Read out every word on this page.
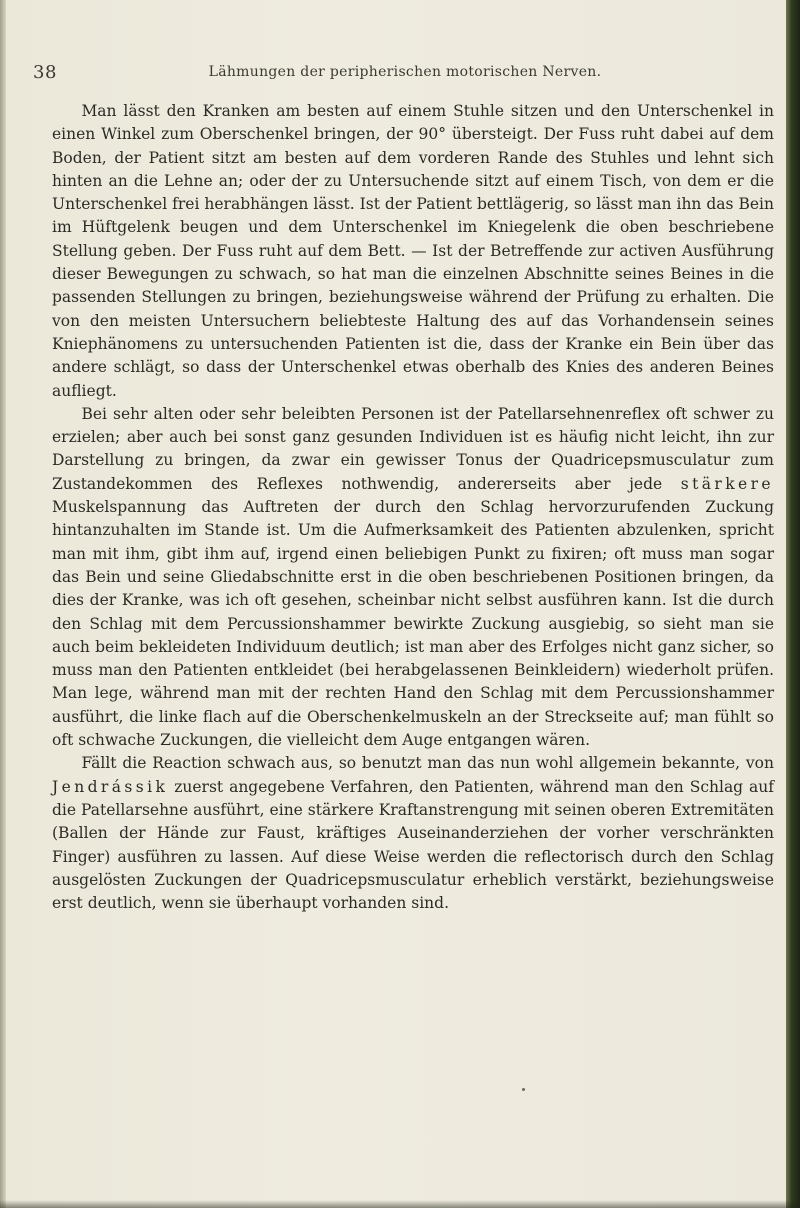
38	Lähmungen der peripherischen motorischen Nerven.

Man lässt den Kranken am besten auf einem Stuhle sitzen und den Unterschenkel in einen Winkel zum Oberschenkel bringen, der 90° übersteigt. Der Fuss ruht dabei auf dem Boden, der Patient sitzt am besten auf dem vorderen Rande des Stuhles und lehnt sich hinten an die Lehne an; oder der zu Untersuchende sitzt auf einem Tisch, von dem er die Unterschenkel frei herabhängen lässt. Ist der Patient bettlägerig, so lässt man ihn das Bein im Hüftgelenk beugen und dem Unterschenkel im Kniegelenk die oben beschriebene Stellung geben. Der Fuss ruht auf dem Bett. — Ist der Betreffende zur activen Ausführung dieser Bewegungen zu schwach, so hat man die einzelnen Abschnitte seines Beines in die passenden Stellungen zu bringen, beziehungsweise während der Prüfung zu erhalten. Die von den meisten Untersuchern beliebteste Haltung des auf das Vorhandensein seines Kniephänomens zu untersuchenden Patienten ist die, dass der Kranke ein Bein über das andere schlägt, so dass der Unterschenkel etwas oberhalb des Knies des anderen Beines aufliegt.

Bei sehr alten oder sehr beleibten Personen ist der Patellarsehnenreflex oft schwer zu erzielen; aber auch bei sonst ganz gesunden Individuen ist es häufig nicht leicht, ihn zur Darstellung zu bringen, da zwar ein gewisser Tonus der Quadricepsmusculatur zum Zustandekommen des Reflexes nothwendig, andererseits aber jede stärkere Muskelspannung das Auftreten der durch den Schlag hervorzurufenden Zuckung hintanzuhalten im Stande ist. Um die Aufmerksamkeit des Patienten abzulenken, spricht man mit ihm, gibt ihm auf, irgend einen beliebigen Punkt zu fixiren; oft muss man sogar das Bein und seine Gliedabschnitte erst in die oben beschriebenen Positionen bringen, da dies der Kranke, was ich oft gesehen, scheinbar nicht selbst ausführen kann. Ist die durch den Schlag mit dem Percussionshammer bewirkte Zuckung ausgiebig, so sieht man sie auch beim bekleideten Individuum deutlich; ist man aber des Erfolges nicht ganz sicher, so muss man den Patienten entkleidet (bei herabgelassenen Beinkleidern) wiederholt prüfen. Man lege, während man mit der rechten Hand den Schlag mit dem Percussionshammer ausführt, die linke flach auf die Oberschenkelmuskeln an der Streckseite auf; man fühlt so oft schwache Zuckungen, die vielleicht dem Auge entgangen wären.

Fällt die Reaction schwach aus, so benutzt man das nun wohl allgemein bekannte, von Jendrássik zuerst angegebene Verfahren, den Patienten, während man den Schlag auf die Patellarsehne ausführt, eine stärkere Kraftanstrengung mit seinen oberen Extremitäten (Ballen der Hände zur Faust, kräftiges Auseinanderziehen der vorher verschränkten Finger) ausführen zu lassen. Auf diese Weise werden die reflectorisch durch den Schlag ausgelösten Zuckungen der Quadricepsmusculatur erheblich verstärkt, beziehungsweise erst deutlich, wenn sie überhaupt vorhanden sind.
